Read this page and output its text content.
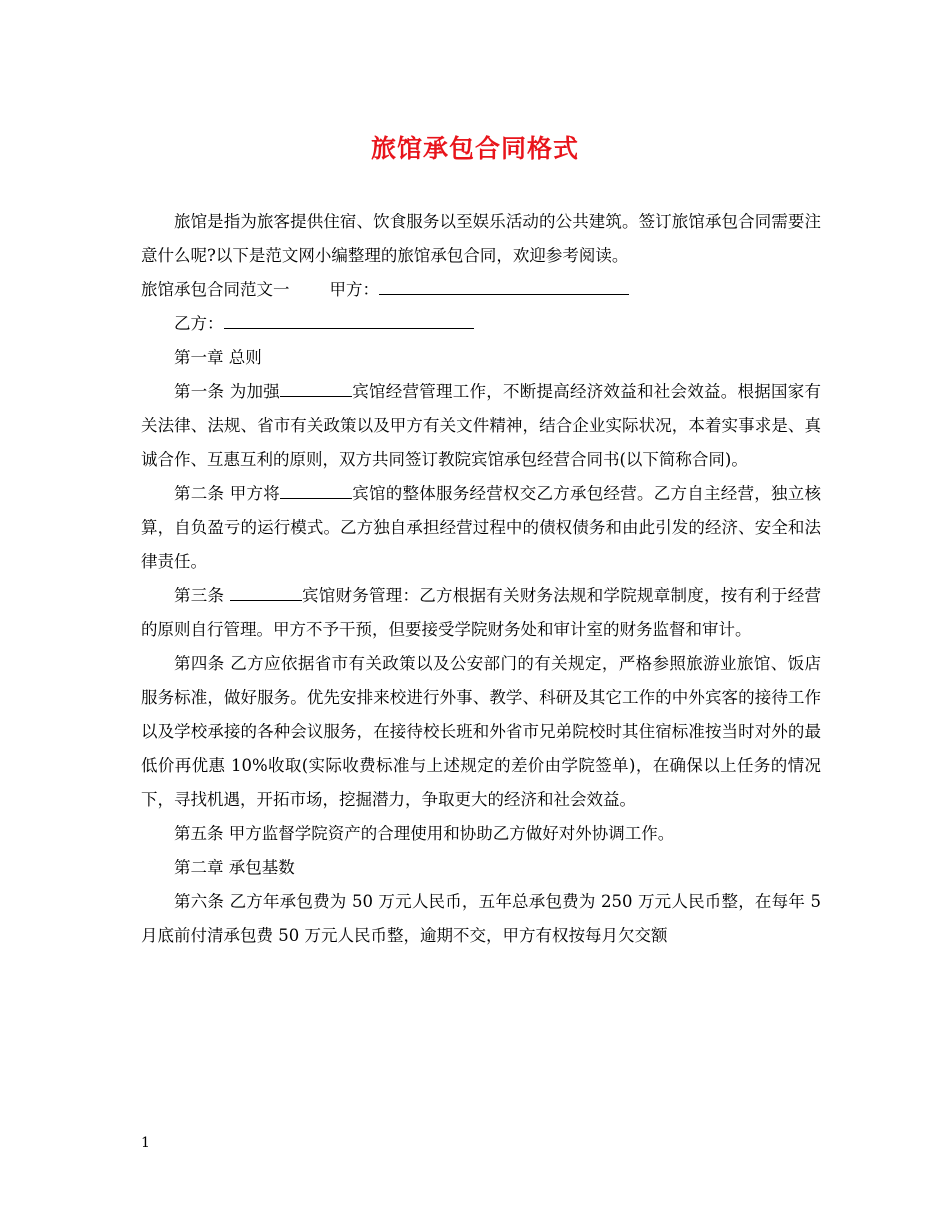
旅馆承包合同格式

旅馆是指为旅客提供住宿、饮食服务以至娱乐活动的公共建筑。签订旅馆承包合同需要注意什么呢?以下是范文网小编整理的旅馆承包合同，欢迎参考阅读。

旅馆承包合同范文一 甲方：

乙方：

第一章 总则

第一条 为加强	宾馆经营管理工作，不断提高经济效益和社会效益。根据国家有关法律、法规、省市有关政策以及甲方有关文件精神，结合企业实际状况，本着实事求是、真诚合作、互惠互利的原则，双方共同签订教院宾馆承包经营合同书(以下简称合同)。

第二条 甲方将	宾馆的整体服务经营权交乙方承包经营。乙方自主经营，独立核算，自负盈亏的运行模式。乙方独自承担经营过程中的债权债务和由此引发的经济、安全和法律责任。

第三条	宾馆财务管理：乙方根据有关财务法规和学院规章制度，按有利于经营的原则自行管理。甲方不予干预，但要接受学院财务处和审计室的财务监督和审计。

第四条 乙方应依据省市有关政策以及公安部门的有关规定，严格参照旅游业旅馆、饭店服务标准，做好服务。优先安排来校进行外事、教学、科研及其它工作的中外宾客的接待工作以及学校承接的各种会议服务，在接待校长班和外省市兄弟院校时其住宿标准按当时对外的最低价再优惠 10%收取(实际收费标准与上述规定的差价由学院签单)，在确保以上任务的情况下，寻找机遇，开拓市场，挖掘潜力，争取更大的经济和社会效益。

第五条 甲方监督学院资产的合理使用和协助乙方做好对外协调工作。

第二章 承包基数

第六条 乙方年承包费为 50 万元人民币，五年总承包费为 250 万元人民币整，在每年 5 月底前付清承包费 50 万元人民币整，逾期不交，甲方有权按每月欠交额

1
